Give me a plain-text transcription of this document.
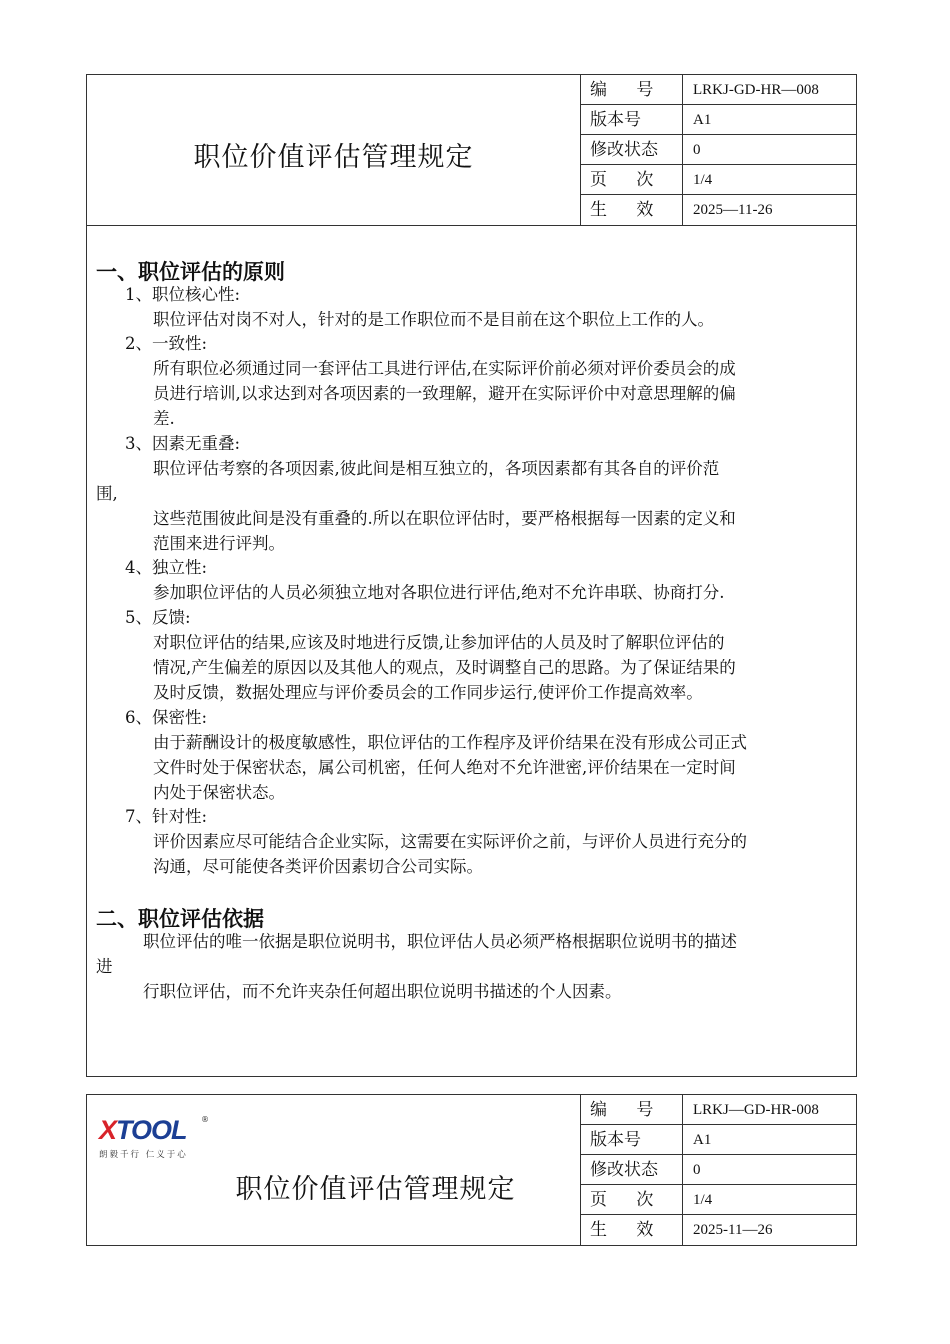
职位价值评估管理规定
编 号	LRKJ-GD-HR—008
版本号	A1
修改状态	0
页 次	1/4
生 效	2025—11-26
一、职位评估的原则
1、职位核心性:
职位评估对岗不对人，针对的是工作职位而不是目前在这个职位上工作的人。
2、一致性:
所有职位必须通过同一套评估工具进行评估,在实际评价前必须对评价委员会的成
员进行培训,以求达到对各项因素的一致理解，避开在实际评价中对意思理解的偏
差.
3、因素无重叠:
职位评估考察的各项因素,彼此间是相互独立的，各项因素都有其各自的评价范
围,
这些范围彼此间是没有重叠的.所以在职位评估时，要严格根据每一因素的定义和
范围来进行评判。
4、独立性:
参加职位评估的人员必须独立地对各职位进行评估,绝对不允许串联、协商打分.
5、反馈:
对职位评估的结果,应该及时地进行反馈,让参加评估的人员及时了解职位评估的
情况,产生偏差的原因以及其他人的观点，及时调整自己的思路。为了保证结果的
及时反馈，数据处理应与评价委员会的工作同步运行,使评价工作提高效率。
6、保密性:
由于薪酬设计的极度敏感性，职位评估的工作程序及评价结果在没有形成公司正式
文件时处于保密状态，属公司机密，任何人绝对不允许泄密,评价结果在一定时间
内处于保密状态。
7、针对性:
评价因素应尽可能结合企业实际，这需要在实际评价之前，与评价人员进行充分的
沟通，尽可能使各类评价因素切合公司实际。
二、职位评估依据
职位评估的唯一依据是职位说明书，职位评估人员必须严格根据职位说明书的描述
进
行职位评估，而不允许夹杂任何超出职位说明书描述的个人因素。
职位价值评估管理规定
XTOOL ®
朗毅千行 仁义于心
编 号	LRKJ—GD-HR-008
版本号	A1
修改状态	0
页 次	1/4
生 效	2025-11—26
